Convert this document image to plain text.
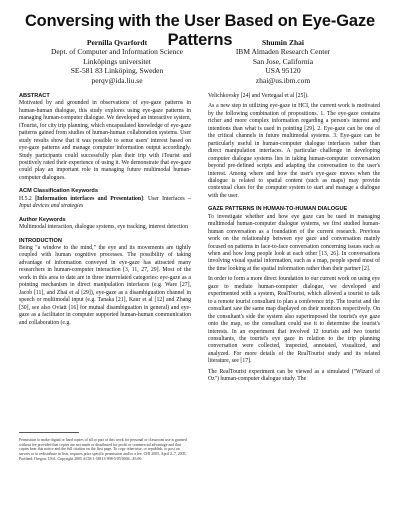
Conversing with the User Based on Eye-Gaze Patterns
Pernilla Qvarfordt
Dept. of Computer and Information Science
Linköpings universitet
SE-581 83 Linköping, Sweden
perqv@ida.liu.se
Shumin Zhai
IBM Almaden Research Center
San Jose, California
USA 95120
zhai@us.ibm.com

ABSTRACT

Motivated by and grounded in observations of eye-gaze patterns in human-human dialogue, this study explores using eye-gaze patterns in managing human-computer dialogue. We developed an interactive system, iTourist, for city trip planning, which encapsulated knowledge of eye-gaze patterns gained from studies of human-human collaboration systems. User study results show that it was possible to sense users' interest based on eye-gaze patterns and manage computer information output accordingly. Study participants could successfully plan their trip with iTourist and positively rated their experience of using it. We demonstrate that eye-gaze could play an important role in managing future multimodal human-computer dialogues.

ACM Classification Keywords

H.5.2 [Information interfaces and Presentation]: User Interfaces – Input devices and strategies

Author Keywords

Multimodal interaction, dialogue systems, eye tracking, interest detection

INTRODUCTION

Being "a window to the mind," the eye and its movements are tightly coupled with human cognitive processes. The possibility of taking advantage of information conveyed in eye-gaze has attracted many researchers in human-computer interaction [3, 11, 27, 29]. Most of the work in this area to date are in three interrelated categories: eye-gaze as a pointing mechanism in direct manipulation interfaces (e.g. Ware [27], Jacob [11], and Zhai et al [29]), eye-gaze as a disambiguation channel in speech or multimodal input (e.g. Tanaka [21], Kaur et al [12] and Zhang [30], see also Oviatt [16] for mutual disambiguation in general) and eye-gaze as a facilitator in computer supported human-human communication and collaboration (e.g.

Permission to make digital or hard copies of all or part of this work for personal or classroom use is granted without fee provided that copies are not made or distributed for profit or commercial advantage and that copies bear this notice and the full citation on the first page. To copy otherwise, or republish, to post on servers or to redistribute to lists, requires prior specific permission and/or a fee. CHI 2005, April 2–7, 2005, Portland, Oregon, USA. Copyright 2005 ACM 1-58113-998-5/05/0004...$5.00.

Velichkovsky [24] and Vertegaal et al [25]).

As a new step in utilizing eye-gaze in HCI, the current work is motivated by the following combination of propositions. 1. The eye-gaze contains richer and more complex information regarding a person's interest and intentions than what is used in pointing [29]. 2. Eye-gaze can be one of the critical channels in future multimodal systems. 3. Eye-gaze can be particularly useful in human-computer dialogue interfaces rather than direct manipulation interfaces. A particular challenge in developing computer dialogue systems lies in taking human-computer conversation beyond pre-defined scripts and adapting the conversation to the user's interest. Among where and how the user's eye-gaze moves when the dialogue is related to spatial content (such as maps) may provide contextual clues for the computer system to start and manage a dialogue with the user.

GAZE PATTERNS IN HUMAN-TO-HUMAN DIALOGUE

To investigate whether and how eye gaze can be used in managing multimodal human-computer dialogue systems, we first studied human-human conversation as a foundation of the current research. Previous work on the relationship between eye gaze and conversation mainly focused on patterns in face-to-face conversation concerning issues such as when and how long people look at each other [13, 26]. In conversations involving visual spatial information, such as a map, people spend most of the time looking at the spatial information rather than their partner [2].

In order to form a more direct foundation to our current work on using eye gaze to mediate human-computer dialogue, we developed and experimented with a system, RealTourist, which allowed a tourist to talk to a remote tourist consultant to plan a conference trip. The tourist and the consultant saw the same map displayed on their monitors respectively. On the consultant's side the system also superimposed the tourist's eye gaze onto the map, so the consultant could use it to determine the tourist's interests. In an experiment that involved 12 tourists and two tourist consultants, the tourist's eye gaze in relation to the trip planning conversation were collected, inspected, annotated, visualized, and analyzed. For more details of the RealTourist study and its related literature, see [17].

The RealTourist experiment can be viewed as a simulated ("Wizard of Oz") human-computer dialogue study. The
